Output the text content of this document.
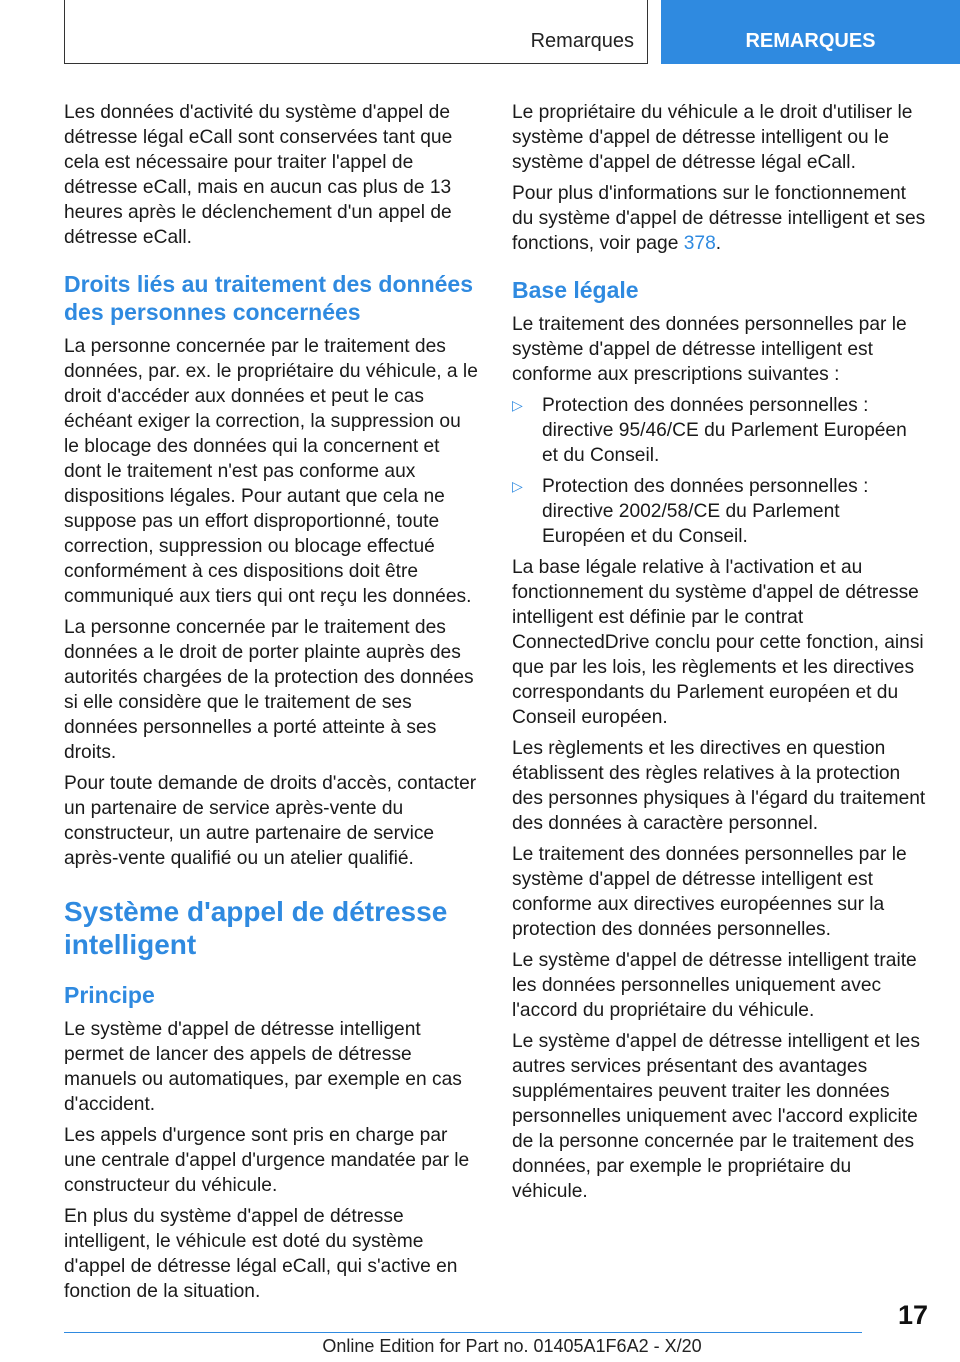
Remarques	REMARQUES

Les données d'activité du système d'appel de détresse légal eCall sont conservées tant que cela est nécessaire pour traiter l'appel de détresse eCall, mais en aucun cas plus de 13 heures après le déclenchement d'un appel de détresse eCall.

Droits liés au traitement des données des personnes concernées

La personne concernée par le traitement des données, par. ex. le propriétaire du véhicule, a le droit d'accéder aux données et peut le cas échéant exiger la correction, la suppression ou le blocage des données qui la concernent et dont le traitement n'est pas conforme aux dispositions légales. Pour autant que cela ne suppose pas un effort disproportionné, toute correction, suppression ou blocage effectué conformément à ces dispositions doit être communiqué aux tiers qui ont reçu les données.

La personne concernée par le traitement des données a le droit de porter plainte auprès des autorités chargées de la protection des données si elle considère que le traitement de ses données personnelles a porté atteinte à ses droits.

Pour toute demande de droits d'accès, contacter un partenaire de service après-vente du constructeur, un autre partenaire de service après-vente qualifié ou un atelier qualifié.

Système d'appel de détresse intelligent
Principe

Le système d'appel de détresse intelligent permet de lancer des appels de détresse manuels ou automatiques, par exemple en cas d'accident.

Les appels d'urgence sont pris en charge par une centrale d'appel d'urgence mandatée par le constructeur du véhicule.

En plus du système d'appel de détresse intelligent, le véhicule est doté du système d'appel de détresse légal eCall, qui s'active en fonction de la situation.

Le propriétaire du véhicule a le droit d'utiliser le système d'appel de détresse intelligent ou le système d'appel de détresse légal eCall.

Pour plus d'informations sur le fonctionnement du système d'appel de détresse intelligent et ses fonctions, voir page 378.

Base légale

Le traitement des données personnelles par le système d'appel de détresse intelligent est conforme aux prescriptions suivantes :

▷ Protection des données personnelles : directive 95/46/CE du Parlement Européen et du Conseil.
▷ Protection des données personnelles : directive 2002/58/CE du Parlement Européen et du Conseil.

La base légale relative à l'activation et au fonctionnement du système d'appel de détresse intelligent est définie par le contrat ConnectedDrive conclu pour cette fonction, ainsi que par les lois, les règlements et les directives correspondants du Parlement européen et du Conseil européen.

Les règlements et les directives en question établissent des règles relatives à la protection des personnes physiques à l'égard du traitement des données à caractère personnel.

Le traitement des données personnelles par le système d'appel de détresse intelligent est conforme aux directives européennes sur la protection des données personnelles.

Le système d'appel de détresse intelligent traite les données personnelles uniquement avec l'accord du propriétaire du véhicule.

Le système d'appel de détresse intelligent et les autres services présentant des avantages supplémentaires peuvent traiter les données personnelles uniquement avec l'accord explicite de la personne concernée par le traitement des données, par exemple le propriétaire du véhicule.

17
Online Edition for Part no. 01405A1F6A2 - X/20
